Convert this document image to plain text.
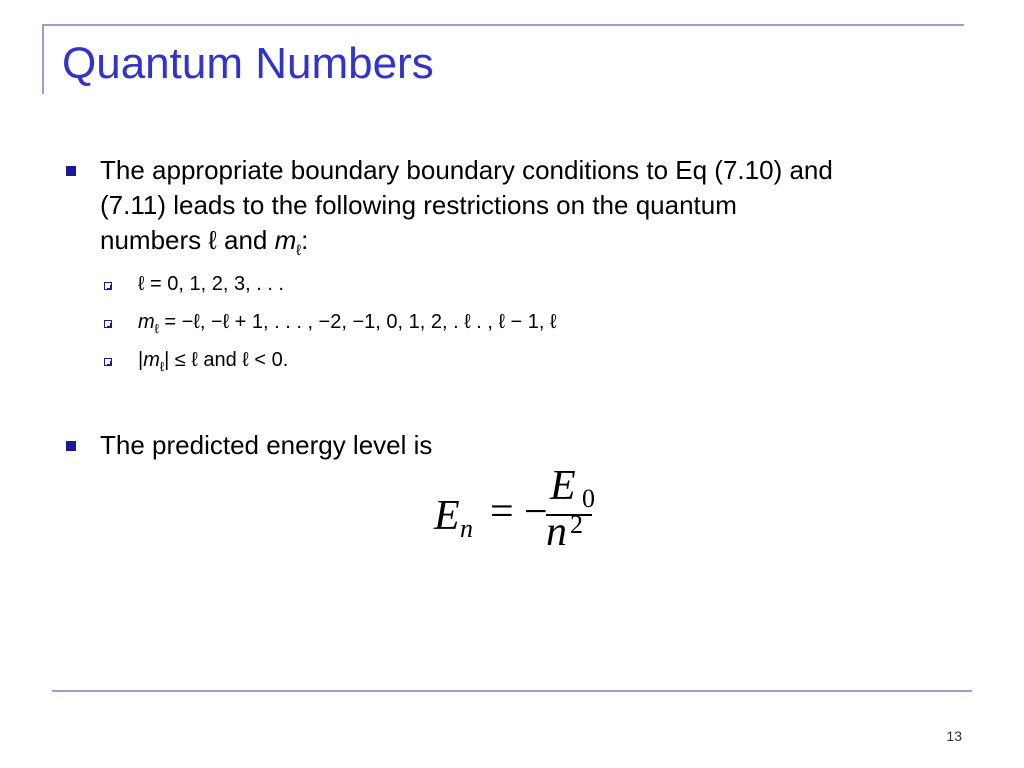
Quantum Numbers
The appropriate boundary boundary conditions to Eq (7.10) and
(7.11) leads to the following restrictions on the quantum
numbers ℓ and $m_\ell$:
ℓ = 0, 1, 2, 3, . . .
$m_\ell$ = −ℓ, −ℓ + 1, . . . , −2, −1, 0, 1, 2, . ℓ . , ℓ − 1, ℓ
$|m_\ell|$ ≤ ℓ and ℓ < 0.
The predicted energy level is
E n = −
E 0
n 2
13
